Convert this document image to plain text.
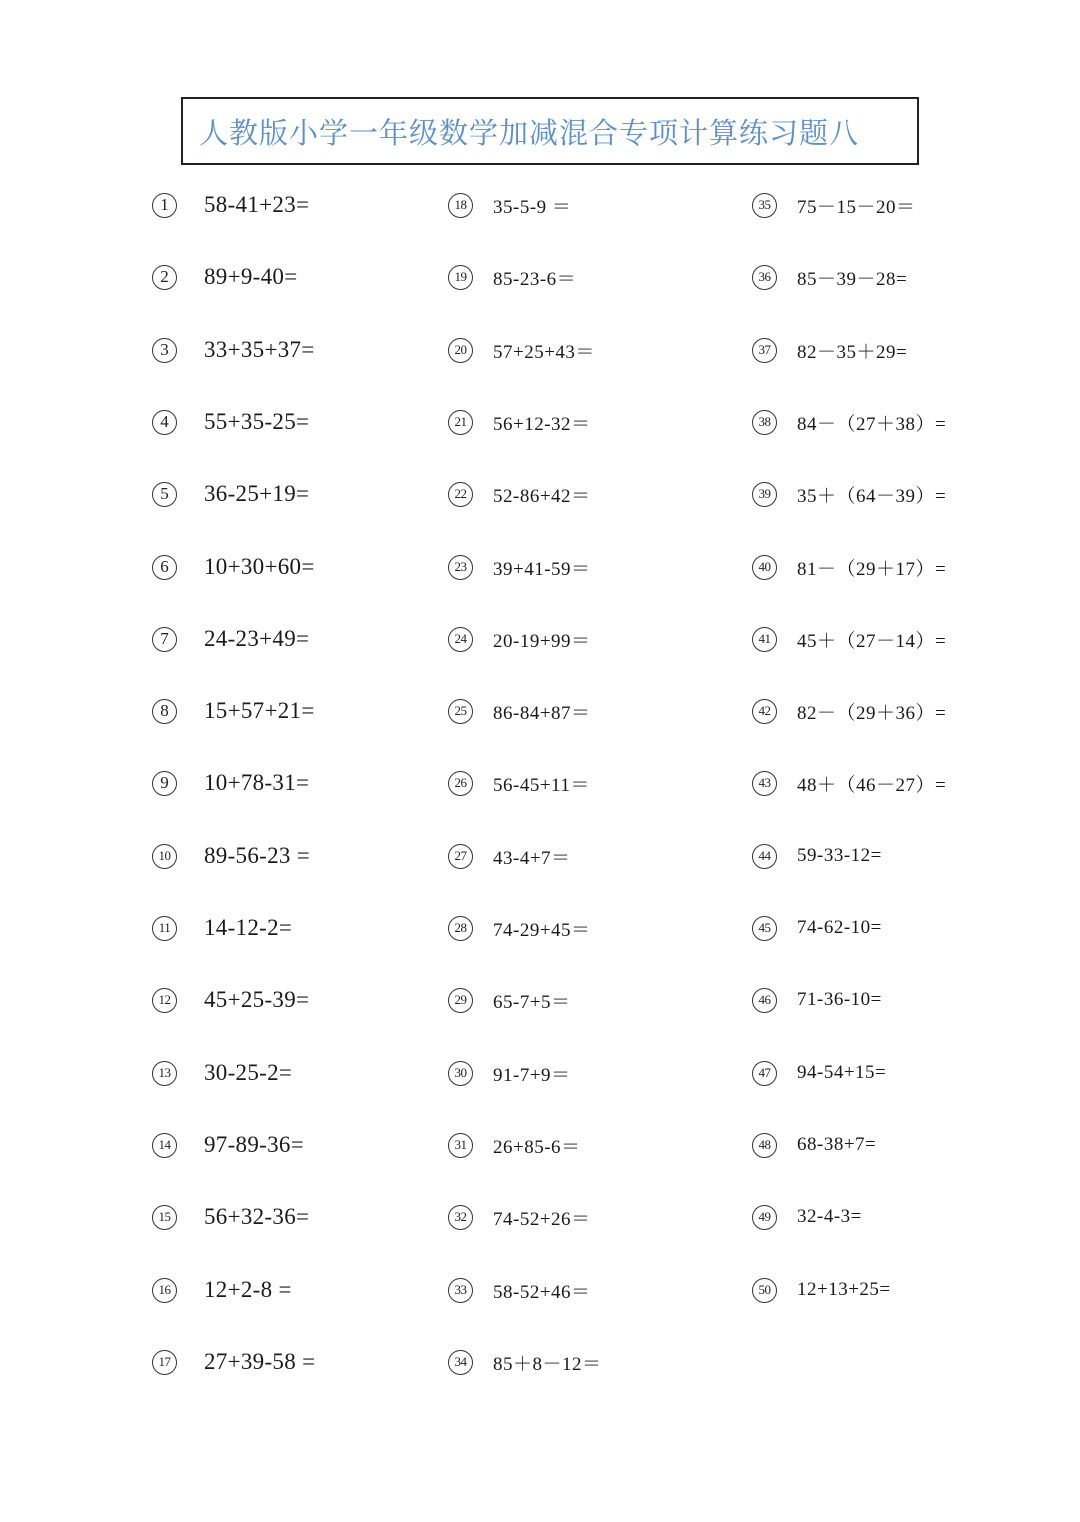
人教版小学一年级数学加减混合专项计算练习题八
1	58-41+23=
2	89+9-40=
3	33+35+37=
4	55+35-25=
5	36-25+19=
6	10+30+60=
7	24-23+49=
8	15+57+21=
9	10+78-31=
10 89-56-23 =
11 14-12-2=
12 45+25-39=
13 30-25-2=
14 97-89-36=
15 56+32-36=
16 12+2-8 =
17 27+39-58 =
18	35-5-9 ＝
19	85-23-6＝
20	57+25+43＝
21	56+12-32＝
22	52-86+42＝
23	39+41-59＝
24	20-19+99＝
25	86-84+87＝
26	56-45+11＝
27	43-4+7＝
28	74-29+45＝
29	65-7+5＝
30	91-7+9＝
31	26+85-6＝
32	74-52+26＝
33	58-52+46＝
34	85＋8－12＝
35	75－15－20＝
36	85－39－28=
37	82－35＋29=
38	84－（27＋38）=
39	35＋（64－39）=
40	81－（29＋17）=
41	45＋（27－14）=
42	82－（29＋36）=
43	48＋（46－27）=
44	59-33-12=
45	74-62-10=
46	71-36-10=
47	94-54+15=
48	68-38+7=
49	32-4-3=
50	12+13+25=
